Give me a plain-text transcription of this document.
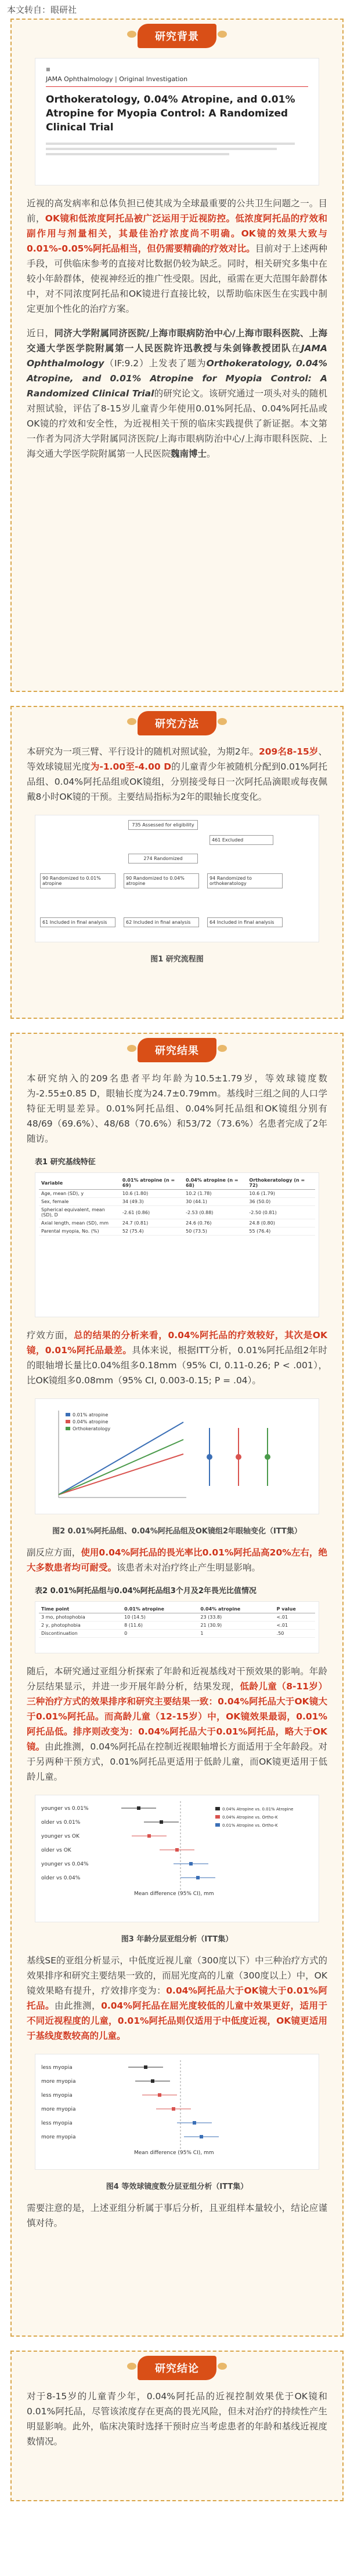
本文转自：眼研社
研究背景
■
JAMA Ophthalmology | Original Investigation
Orthokeratology, 0.04% Atropine, and 0.01% Atropine for Myopia Control: A Randomized Clinical Trial
近视的高发病率和总体负担已使其成为全球最重要的公共卫生问题之一。目前，OK镜和低浓度阿托品被广泛运用于近视防控。低浓度阿托品的疗效和副作用与剂量相关，其最佳治疗浓度尚不明确。OK镜的效果大致与0.01%-0.05%阿托品相当，但仍需要精确的疗效对比。目前对于上述两种手段，可供临床参考的直接对比数据仍较为缺乏。同时，相关研究多集中在较小年龄群体，使视神经近的推广性受限。因此，亟需在更大范围年龄群体中，对不同浓度阿托品和OK镜进行直接比较，以帮助临床医生在实践中制定更加个性化的治疗方案。
近日，同济大学附属同济医院/上海市眼病防治中心/上海市眼科医院、上海交通大学医学院附属第一人民医院许迅教授与朱剑锋教授团队在JAMA Ophthalmology（IF:9.2）上发表了题为Orthokeratology, 0.04% Atropine, and 0.01% Atropine for Myopia Control: A Randomized Clinical Trial的研究论文。该研究通过一项头对头的随机对照试验，评估了8-15岁儿童青少年使用0.01%阿托品、0.04%阿托品或OK镜的疗效和安全性，为近视相关干预的临床实践提供了新证据。本文第一作者为同济大学附属同济医院/上海市眼病防治中心/上海市眼科医院、上海交通大学医学院附属第一人民医院魏南博士。
研究方法
本研究为一项三臂、平行设计的随机对照试验，为期2年。209名8-15岁、等效球镜屈光度为-1.00至-4.00 D的儿童青少年被随机分配到0.01%阿托品组、0.04%阿托品组或OK镜组，分别接受每日一次阿托品滴眼或每夜佩戴8小时OK镜的干预。主要结局指标为2年的眼轴长度变化。
735 Assessed for eligibility
461 Excluded
274 Randomized
90 Randomized to 0.01% atropine
90 Randomized to 0.04% atropine
94 Randomized to orthokeratology
61 Included in final analysis	62 Included in final analysis	64 Included in final analysis
图1 研究流程图
研究结果
本研究纳入的209名患者平均年龄为10.5±1.79岁，等效球镜度数为-2.55±0.85 D，眼轴长度为24.7±0.79mm。基线时三组之间的人口学特征无明显差异。0.01%阿托品组、0.04%阿托品组和OK镜组分别有48/69（69.6%）、48/68（70.6%）和53/72（73.6%）名患者完成了2年随访。
表1 研究基线特征
Variable	0.01% atropine (n = 69)	0.04% atropine (n = 68)	Orthokeratology (n = 72)
Age, mean (SD), y	10.6 (1.80)	10.2 (1.78)	10.6 (1.79)
Sex, female	34 (49.3)	30 (44.1)	36 (50.0)
Spherical equivalent, mean (SD), D	-2.61 (0.86)	-2.53 (0.88)	-2.50 (0.81)
Axial length, mean (SD), mm	24.7 (0.81)	24.6 (0.76)	24.8 (0.80)
Parental myopia, No. (%)	52 (75.4)	50 (73.5)	55 (76.4)
疗效方面，总的结果的分析来看，0.04%阿托品的疗效较好，其次是OK镜，0.01%阿托品最差。具体来说，根据ITT分析，0.01%阿托品组2年时的眼轴增长量比0.04%组多0.18mm（95% CI, 0.11-0.26; P < .001），比OK镜组多0.08mm（95% CI, 0.003-0.15; P = .04）。
0.01% atropine
0.04% atropine
Orthokeratology
图2 0.01%阿托品组、0.04%阿托品组及OK镜组2年眼轴变化（ITT集）
副反应方面，使用0.04%阿托品的畏光率比0.01%阿托品高20%左右，绝大多数患者均可耐受。该患者未对治疗终止产生明显影响。
表2 0.01%阿托品组与0.04%阿托品组3个月及2年畏光比值情况
Time point	0.01% atropine	0.04% atropine	P value
3 mo, photophobia	10 (14.5)	23 (33.8)	<.01
2 y, photophobia	8 (11.6)	21 (30.9)	<.01
Discontinuation	0	1	.50
随后，本研究通过亚组分析探索了年龄和近视基线对干预效果的影响。年龄分层结果显示，并进一步开展年龄分析，结果发现，低龄儿童（8-11岁）三种治疗方式的效果排序和研究主要结果一致：0.04%阿托品大于OK镜大于0.01%阿托品。而高龄儿童（12-15岁）中，OK镜效果最弱，0.01%阿托品低。排序则改变为：0.04%阿托品大于0.01%阿托品，略大于OK镜。由此推测，0.04%阿托品在控制近视眼轴增长方面适用于全年龄段。对于另两种干预方式，0.01%阿托品更适用于低龄儿童，而OK镜更适用于低龄儿童。
younger vs 0.01%
older vs 0.01%
younger vs OK
older vs OK
younger vs 0.04%
older vs 0.04%
Mean difference (95% CI), mm
0.04% Atropine vs. 0.01% Atropine
0.04% Atropine vs. Ortho-K
0.01% Atropine vs. Ortho-K
图3 年龄分层亚组分析（ITT集）
基线SE的亚组分析显示，中低度近视儿童（300度以下）中三种治疗方式的效果排序和研究主要结果一致的，而屈光度高的儿童（300度以上）中，OK镜效果略有提升，疗效排序变为：0.04%阿托品大于OK镜大于0.01%阿托品。由此推测，0.04%阿托品在屈光度较低的儿童中效果更好，适用于不同近视程度的儿童，0.01%阿托品则仅适用于中低度近视，OK镜更适用于基线度数较高的儿童。
less myopia
more myopia
less myopia
more myopia
less myopia
more myopia
Mean difference (95% CI), mm
图4 等效球镜度数分层亚组分析（ITT集）
需要注意的是，上述亚组分析属于事后分析，且亚组样本量较小，结论应谨慎对待。
研究结论
对于8-15岁的儿童青少年，0.04%阿托品的近视控制效果优于OK镜和0.01%阿托品，尽管该浓度存在更高的畏光风险，但未对治疗的持续性产生明显影响。此外，临床决策时选择干预时应当考虑患者的年龄和基线近视度数情况。
